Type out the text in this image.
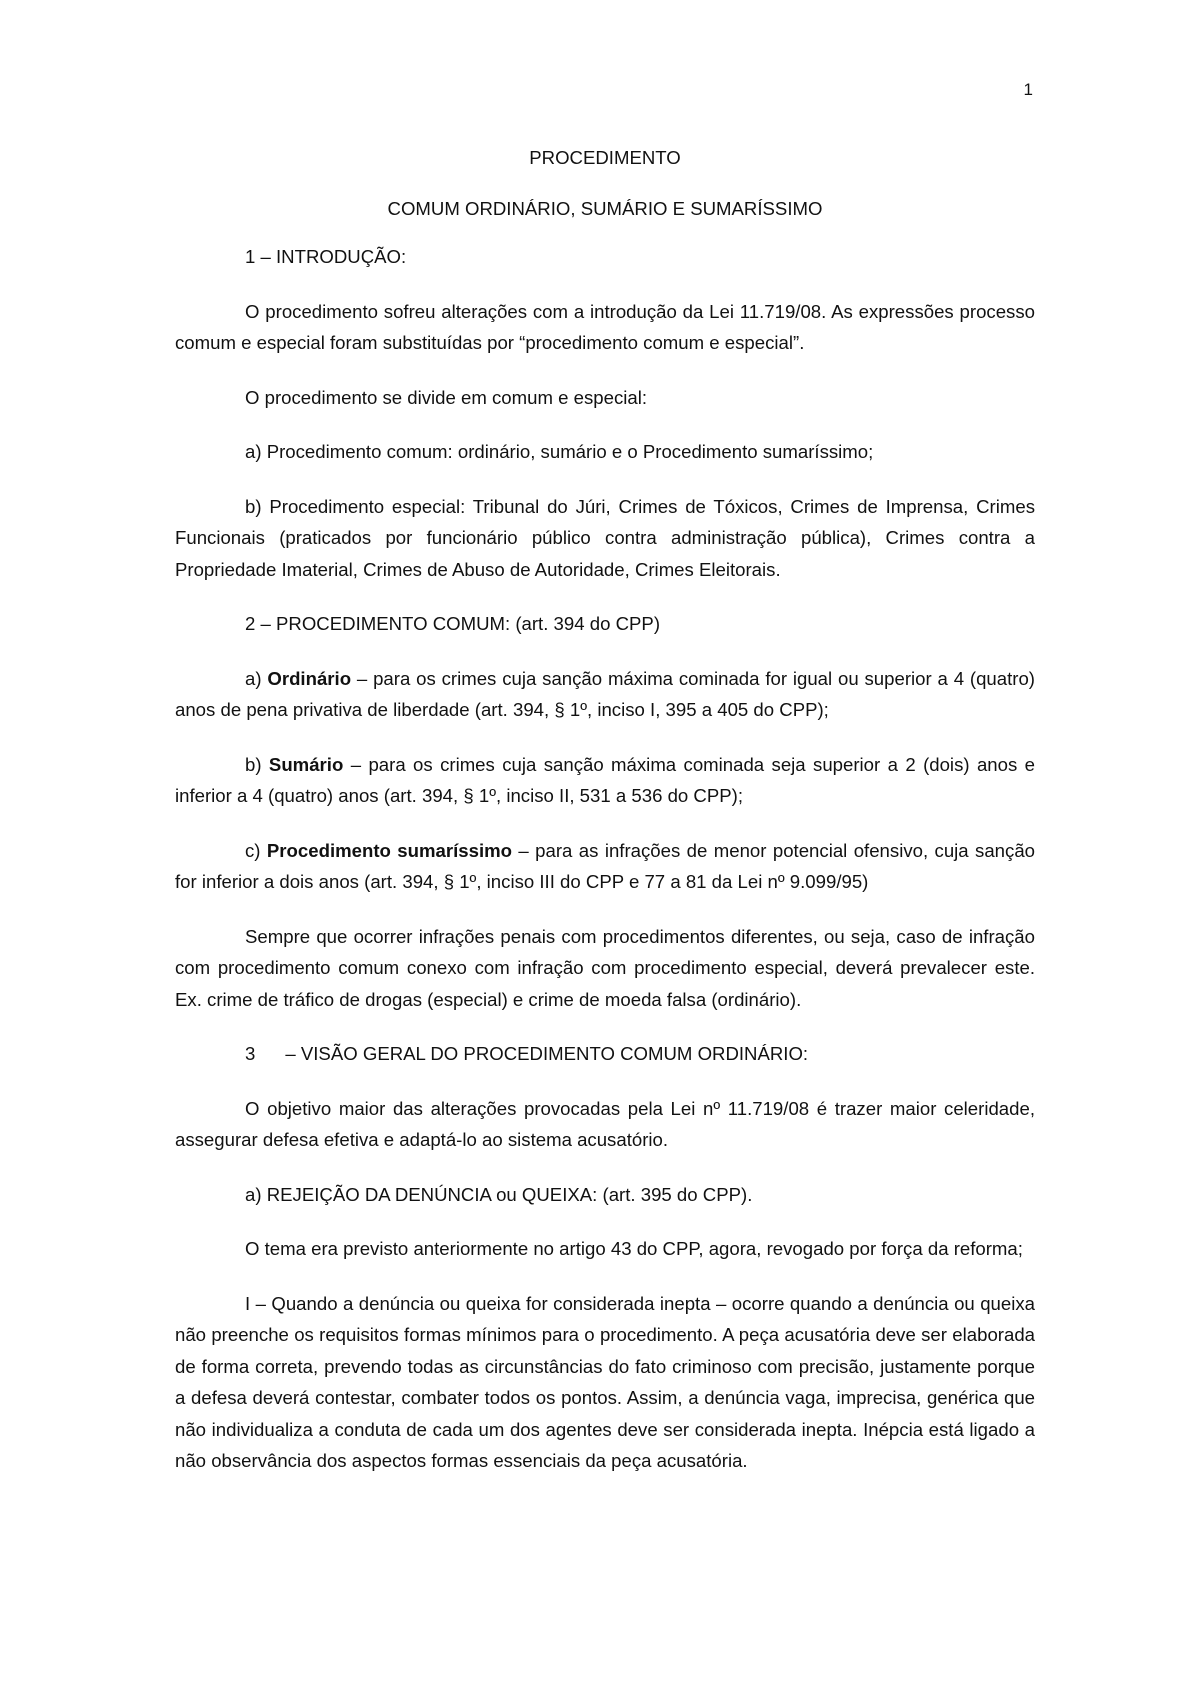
1

PROCEDIMENTO

COMUM ORDINÁRIO, SUMÁRIO E SUMARÍSSIMO

1 – INTRODUÇÃO:

O procedimento sofreu alterações com a introdução da Lei 11.719/08. As expressões processo comum e especial foram substituídas por “procedimento comum e especial”.

O procedimento se divide em comum e especial:

a) Procedimento comum: ordinário, sumário e o Procedimento sumaríssimo;

b) Procedimento especial: Tribunal do Júri, Crimes de Tóxicos, Crimes de Imprensa, Crimes Funcionais (praticados por funcionário público contra administração pública), Crimes contra a Propriedade Imaterial, Crimes de Abuso de Autoridade, Crimes Eleitorais.

2 – PROCEDIMENTO COMUM: (art. 394 do CPP)

a) Ordinário – para os crimes cuja sanção máxima cominada for igual ou superior a 4 (quatro) anos de pena privativa de liberdade (art. 394, § 1º, inciso I, 395 a 405 do CPP);

b) Sumário – para os crimes cuja sanção máxima cominada seja superior a 2 (dois) anos e inferior a 4 (quatro) anos (art. 394, § 1º, inciso II, 531 a 536 do CPP);

c) Procedimento sumaríssimo – para as infrações de menor potencial ofensivo, cuja sanção for inferior a dois anos (art. 394, § 1º, inciso III do CPP e 77 a 81 da Lei nº 9.099/95)

Sempre que ocorrer infrações penais com procedimentos diferentes, ou seja, caso de infração com procedimento comum conexo com infração com procedimento especial, deverá prevalecer este. Ex. crime de tráfico de drogas (especial) e crime de moeda falsa (ordinário).

3 – VISÃO GERAL DO PROCEDIMENTO COMUM ORDINÁRIO:

O objetivo maior das alterações provocadas pela Lei nº 11.719/08 é trazer maior celeridade, assegurar defesa efetiva e adaptá-lo ao sistema acusatório.

a) REJEIÇÃO DA DENÚNCIA ou QUEIXA: (art. 395 do CPP).

O tema era previsto anteriormente no artigo 43 do CPP, agora, revogado por força da reforma;

I – Quando a denúncia ou queixa for considerada inepta – ocorre quando a denúncia ou queixa não preenche os requisitos formas mínimos para o procedimento. A peça acusatória deve ser elaborada de forma correta, prevendo todas as circunstâncias do fato criminoso com precisão, justamente porque a defesa deverá contestar, combater todos os pontos. Assim, a denúncia vaga, imprecisa, genérica que não individualiza a conduta de cada um dos agentes deve ser considerada inepta. Inépcia está ligado a não observância dos aspectos formas essenciais da peça acusatória.
